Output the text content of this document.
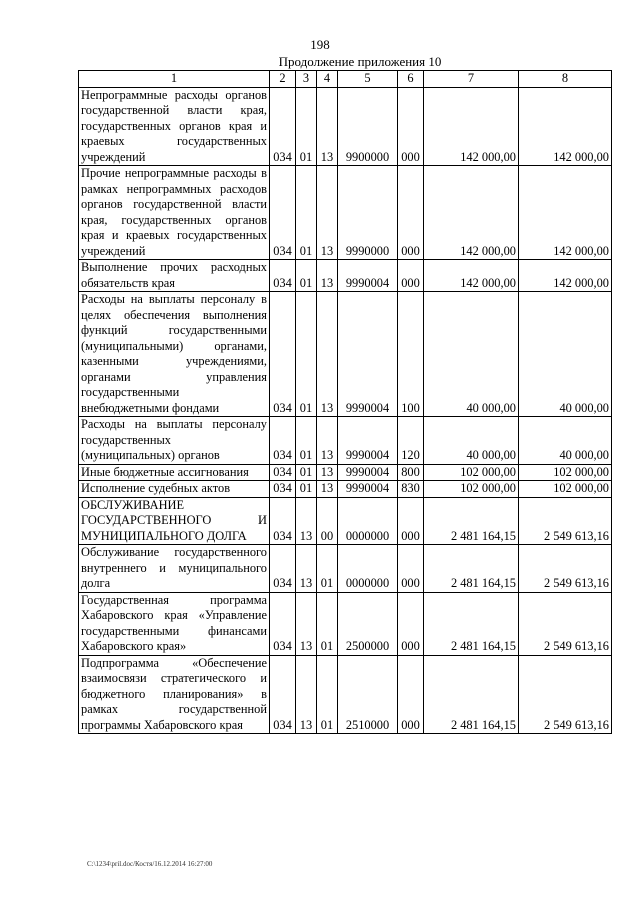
198
Продолжение приложения 10
1	2	3	4	5	6	7	8
Непрограммные расходы органов государственной власти края, государственных органов края и краевых государственных учреждений	034	01	13	9900000	000	142 000,00	142 000,00
Прочие непрограммные расходы в рамках непрограммных расходов органов государственной власти края, государственных органов края и краевых государственных учреждений	034	01	13	9990000	000	142 000,00	142 000,00
Выполнение прочих расходных обязательств края	034	01	13	9990004	000	142 000,00	142 000,00
Расходы на выплаты персоналу в целях обеспечения выполнения функций государственными (муниципальными) органами, казенными учреждениями, органами управления государственными внебюджетными фондами	034	01	13	9990004	100	40 000,00	40 000,00
Расходы на выплаты персоналу государственных (муниципальных) органов	034	01	13	9990004	120	40 000,00	40 000,00
Иные бюджетные ассигнования	034	01	13	9990004	800	102 000,00	102 000,00
Исполнение судебных актов	034	01	13	9990004	830	102 000,00	102 000,00
ОБСЛУЖИВАНИЕ ГОСУДАРСТВЕННОГО И МУНИЦИПАЛЬНОГО ДОЛГА	034	13	00	0000000	000	2 481 164,15	2 549 613,16
Обслуживание государственного внутреннего и муниципального долга	034	13	01	0000000	000	2 481 164,15	2 549 613,16
Государственная программа Хабаровского края «Управление государственными финансами Хабаровского края»	034	13	01	2500000	000	2 481 164,15	2 549 613,16
Подпрограмма «Обеспечение взаимосвязи стратегического и бюджетного планирования» в рамках государственной программы Хабаровского края	034	13	01	2510000	000	2 481 164,15	2 549 613,16
C:\1234\pril.doc/Костя/16.12.2014 16:27:00
